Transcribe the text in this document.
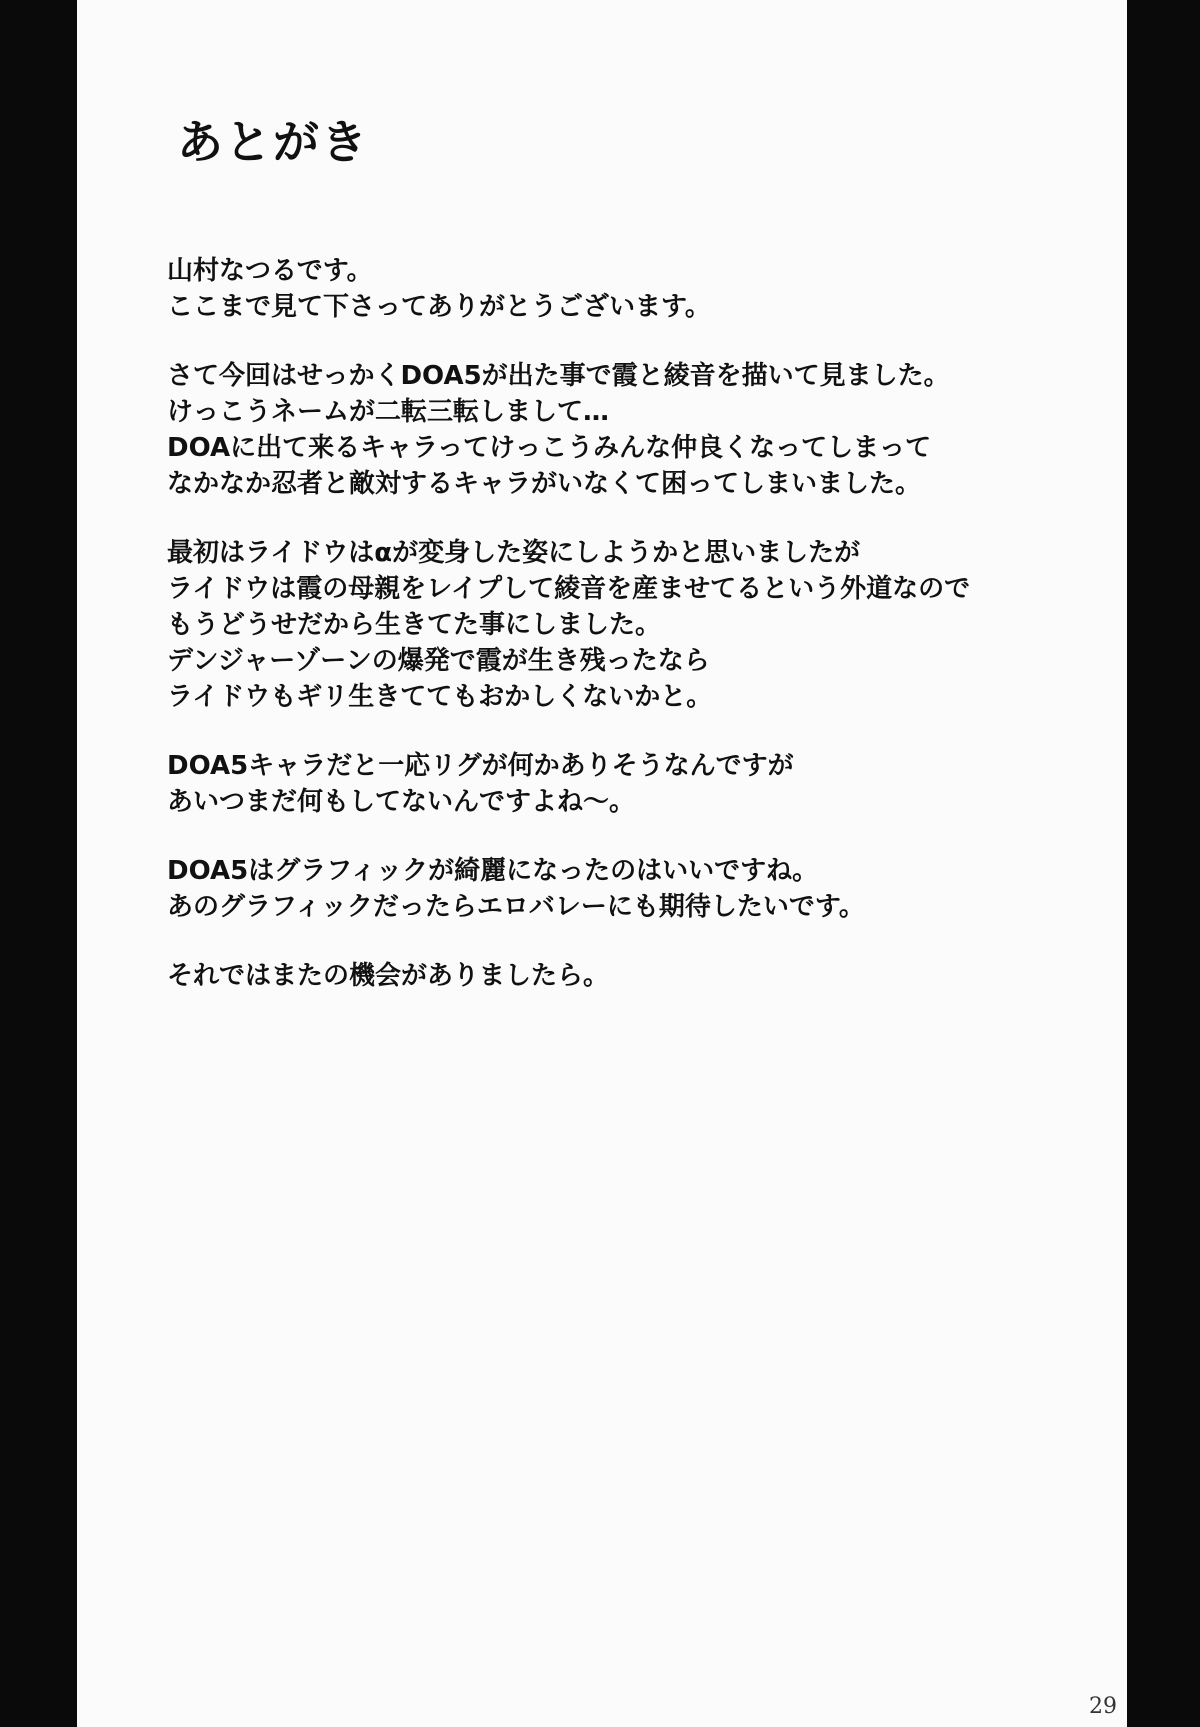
あとがき
山村なつるです。
ここまで見て下さってありがとうございます。
さて今回はせっかくDOA5が出た事で霞と綾音を描いて見ました。
けっこうネームが二転三転しまして…
DOAに出て来るキャラってけっこうみんな仲良くなってしまって
なかなか忍者と敵対するキャラがいなくて困ってしまいました。
最初はライドウはαが変身した姿にしようかと思いましたが
ライドウは霞の母親をレイプして綾音を産ませてるという外道なので
もうどうせだから生きてた事にしました。
デンジャーゾーンの爆発で霞が生き残ったなら
ライドウもギリ生きててもおかしくないかと。
DOA5キャラだと一応リグが何かありそうなんですが
あいつまだ何もしてないんですよね～。
DOA5はグラフィックが綺麗になったのはいいですね。
あのグラフィックだったらエロバレーにも期待したいです。
それではまたの機会がありましたら。
29
